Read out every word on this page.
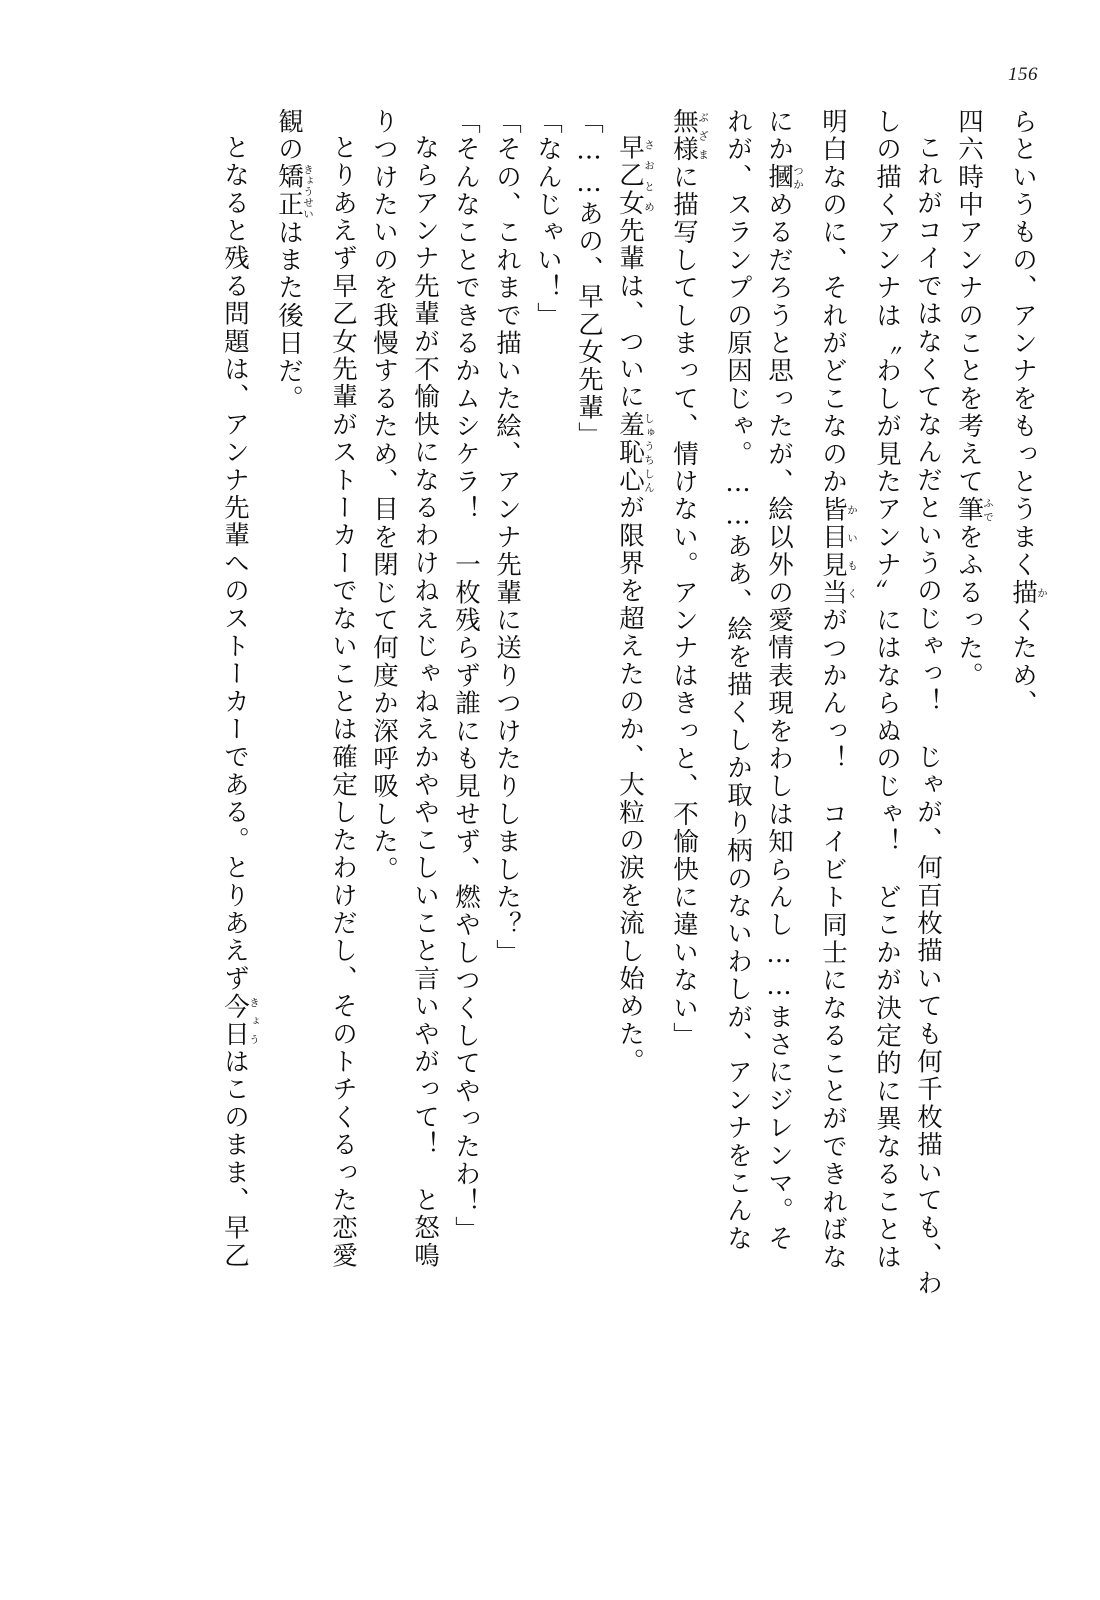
156
らというもの、アンナをもっとうまく描かくため、
四六時中アンナのことを考えて筆ふでをふるった。
これがコイではなくてなんだというのじゃっ！　じゃが、何百枚描いても何千枚描いても、わ
しの描くアンナは〝わしが見たアンナ〟にはならぬのじゃ！　どこかが決定的に異なることは
明白なのに、それがどこなのか皆目見当かいもくがつかんっ！　コイビト同士になることができればな
にか摑つかめるだろうと思ったが、絵以外の愛情表現をわしは知らんし……まさにジレンマ。そ
れが、スランプの原因じゃ。……ああ、絵を描くしか取り柄のないわしが、アンナをこんな
無様ぶざまに描写してしまって、情けない。アンナはきっと、不愉快に違いない」
早乙女さおとめ先輩は、ついに羞恥心しゅうちしんが限界を超えたのか、大粒の涙を流し始めた。
「……あの、早乙女先輩」
「なんじゃい！」
「その、これまで描いた絵、アンナ先輩に送りつけたりしました？」
「そんなことできるかムシケラ！　一枚残らず誰にも見せず、燃やしつくしてやったわ！」
ならアンナ先輩が不愉快になるわけねえじゃねえかややこしいこと言いやがって！　と怒鳴
りつけたいのを我慢するため、目を閉じて何度か深呼吸した。
とりあえず早乙女先輩がストーカーでないことは確定したわけだし、そのトチくるった恋愛
観の矯正きょうせいはまた後日だ。
となると残る問題は、アンナ先輩へのストーカーである。とりあえず今日きょうはこのまま、早乙
